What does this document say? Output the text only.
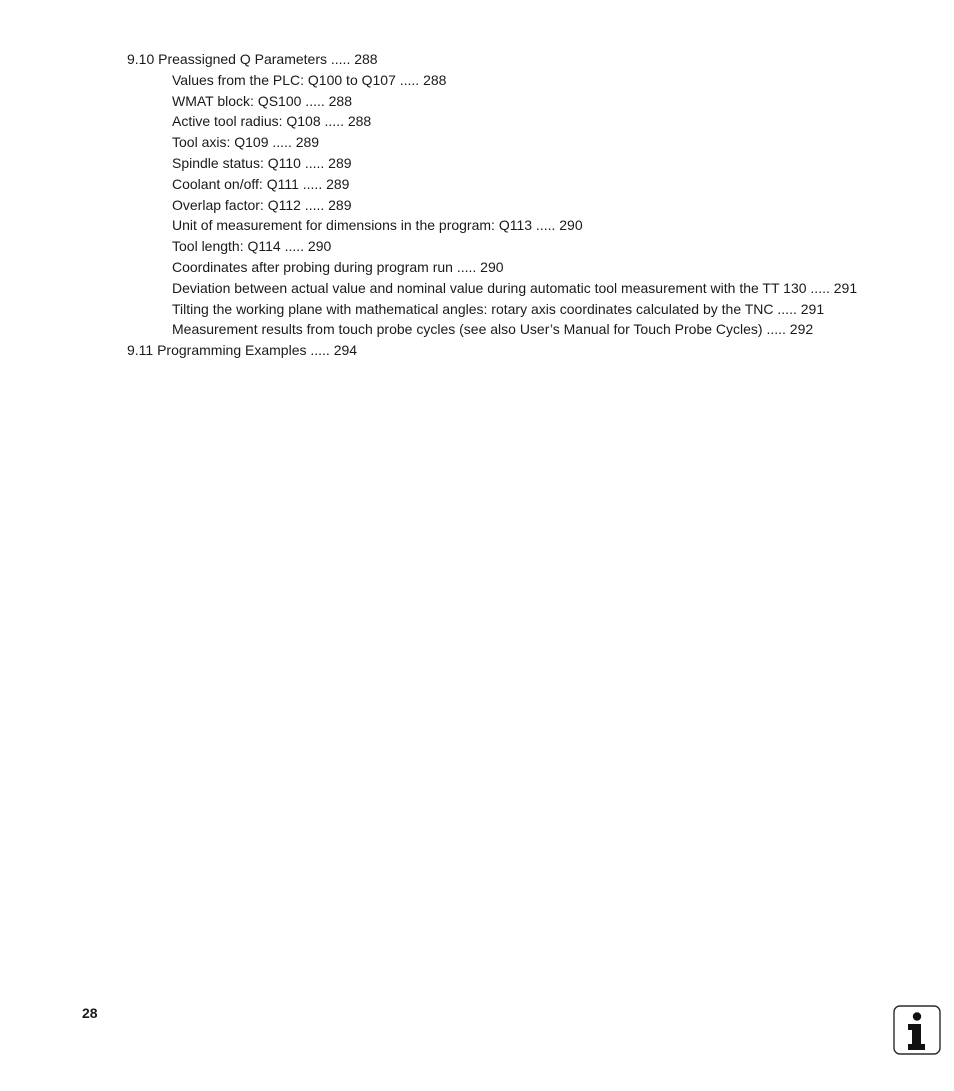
9.10 Preassigned Q Parameters ..... 288
Values from the PLC: Q100 to Q107 ..... 288
WMAT block: QS100 ..... 288
Active tool radius: Q108 ..... 288
Tool axis: Q109 ..... 289
Spindle status: Q110 ..... 289
Coolant on/off: Q111 ..... 289
Overlap factor: Q112 ..... 289
Unit of measurement for dimensions in the program: Q113 ..... 290
Tool length: Q114 ..... 290
Coordinates after probing during program run ..... 290
Deviation between actual value and nominal value during automatic tool measurement with the TT 130 ..... 291
Tilting the working plane with mathematical angles: rotary axis coordinates calculated by the TNC ..... 291
Measurement results from touch probe cycles (see also User’s Manual for Touch Probe Cycles) ..... 292
9.11 Programming Examples ..... 294
28
